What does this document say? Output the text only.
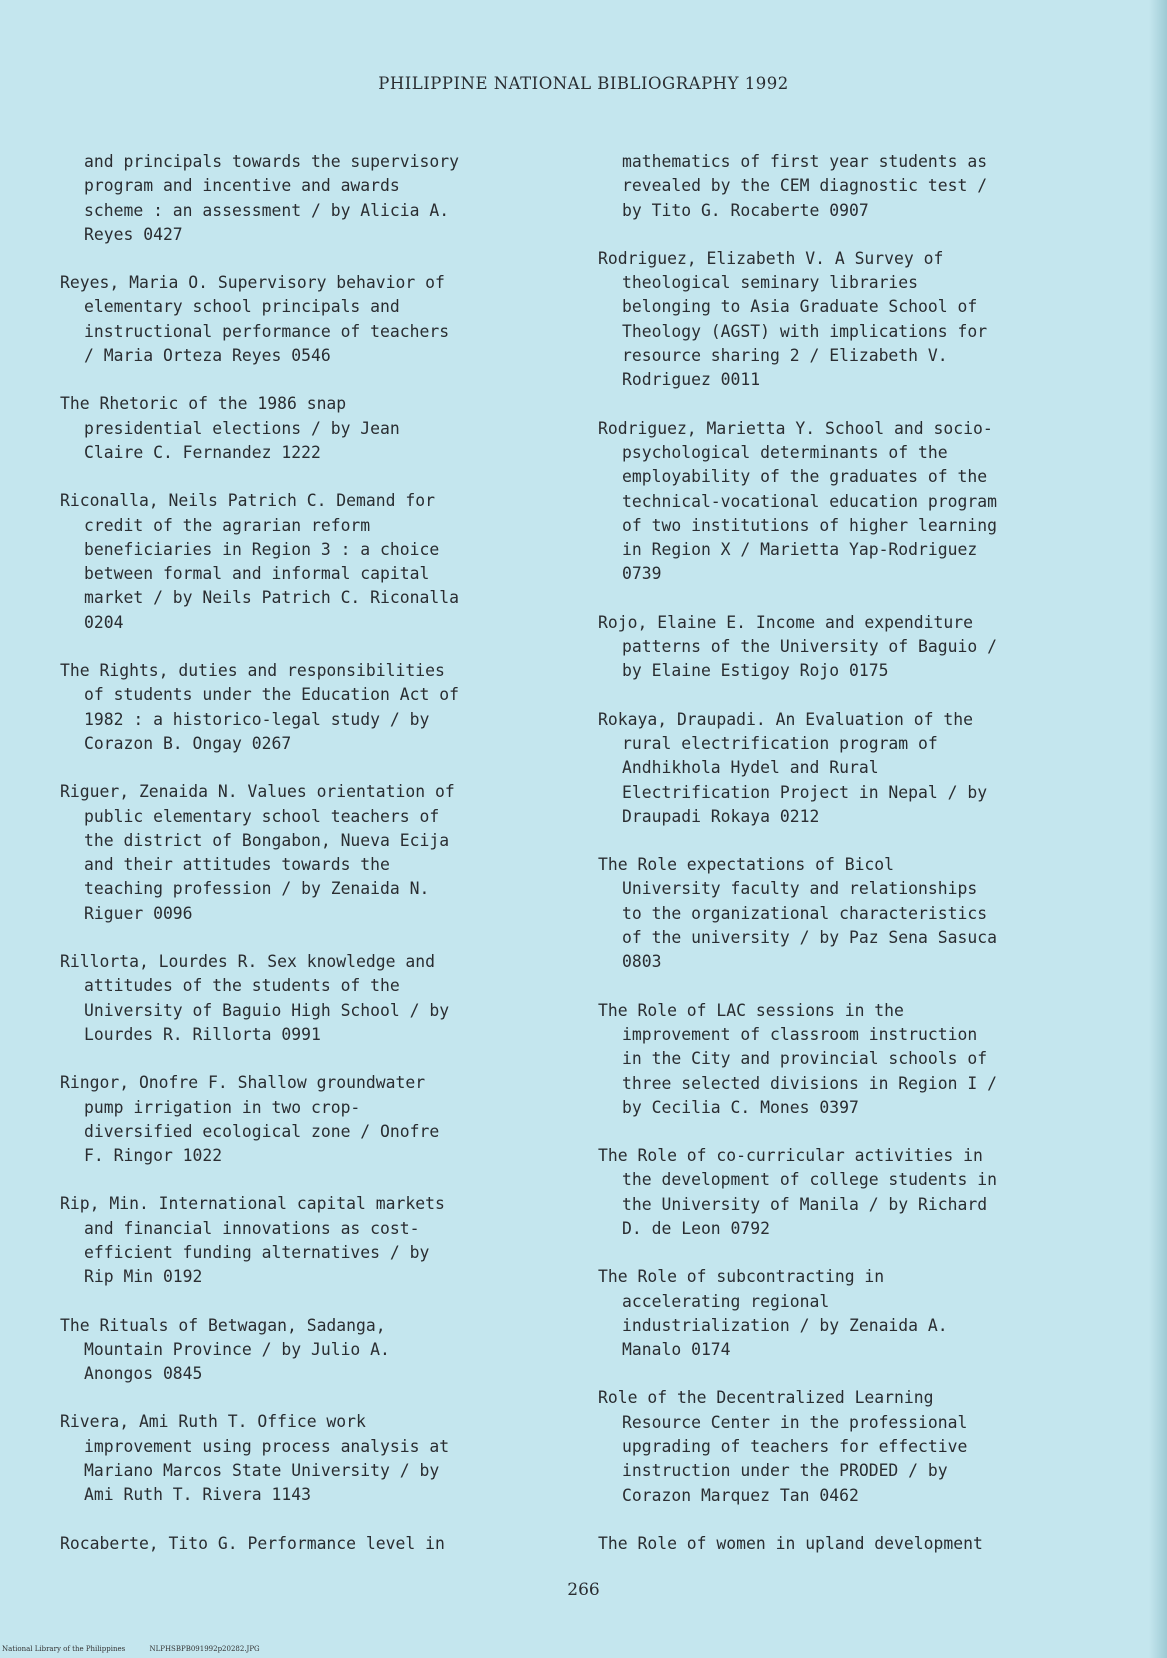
PHILIPPINE NATIONAL BIBLIOGRAPHY 1992

and principals towards the supervisory
program and incentive and awards
scheme : an assessment / by Alicia A.
Reyes 0427

Reyes, Maria O. Supervisory behavior of
elementary school principals and
instructional performance of teachers
/ Maria Orteza Reyes 0546

The Rhetoric of the 1986 snap
presidential elections / by Jean
Claire C. Fernandez 1222

Riconalla, Neils Patrich C. Demand for
credit of the agrarian reform
beneficiaries in Region 3 : a choice
between formal and informal capital
market / by Neils Patrich C. Riconalla
0204

The Rights, duties and responsibilities
of students under the Education Act of
1982 : a historico-legal study / by
Corazon B. Ongay 0267

Riguer, Zenaida N. Values orientation of
public elementary school teachers of
the district of Bongabon, Nueva Ecija
and their attitudes towards the
teaching profession / by Zenaida N.
Riguer 0096

Rillorta, Lourdes R. Sex knowledge and
attitudes of the students of the
University of Baguio High School / by
Lourdes R. Rillorta 0991

Ringor, Onofre F. Shallow groundwater
pump irrigation in two crop-
diversified ecological zone / Onofre
F. Ringor 1022

Rip, Min. International capital markets
and financial innovations as cost-
efficient funding alternatives / by
Rip Min 0192

The Rituals of Betwagan, Sadanga,
Mountain Province / by Julio A.
Anongos 0845

Rivera, Ami Ruth T. Office work
improvement using process analysis at
Mariano Marcos State University / by
Ami Ruth T. Rivera 1143

Rocaberte, Tito G. Performance level in

mathematics of first year students as
revealed by the CEM diagnostic test /
by Tito G. Rocaberte 0907

Rodriguez, Elizabeth V. A Survey of
theological seminary libraries
belonging to Asia Graduate School of
Theology (AGST) with implications for
resource sharing 2 / Elizabeth V.
Rodriguez 0011

Rodriguez, Marietta Y. School and socio-
psychological determinants of the
employability of the graduates of the
technical-vocational education program
of two institutions of higher learning
in Region X / Marietta Yap-Rodriguez
0739

Rojo, Elaine E. Income and expenditure
patterns of the University of Baguio /
by Elaine Estigoy Rojo 0175

Rokaya, Draupadi. An Evaluation of the
rural electrification program of
Andhikhola Hydel and Rural
Electrification Project in Nepal / by
Draupadi Rokaya 0212

The Role expectations of Bicol
University faculty and relationships
to the organizational characteristics
of the university / by Paz Sena Sasuca
0803

The Role of LAC sessions in the
improvement of classroom instruction
in the City and provincial schools of
three selected divisions in Region I /
by Cecilia C. Mones 0397

The Role of co-curricular activities in
the development of college students in
the University of Manila / by Richard
D. de Leon 0792

The Role of subcontracting in
accelerating regional
industrialization / by Zenaida A.
Manalo 0174

Role of the Decentralized Learning
Resource Center in the professional
upgrading of teachers for effective
instruction under the PRODED / by
Corazon Marquez Tan 0462

The Role of women in upland development

266
National Library of the Philippines	NLPHSBPB091992p20282.JPG
